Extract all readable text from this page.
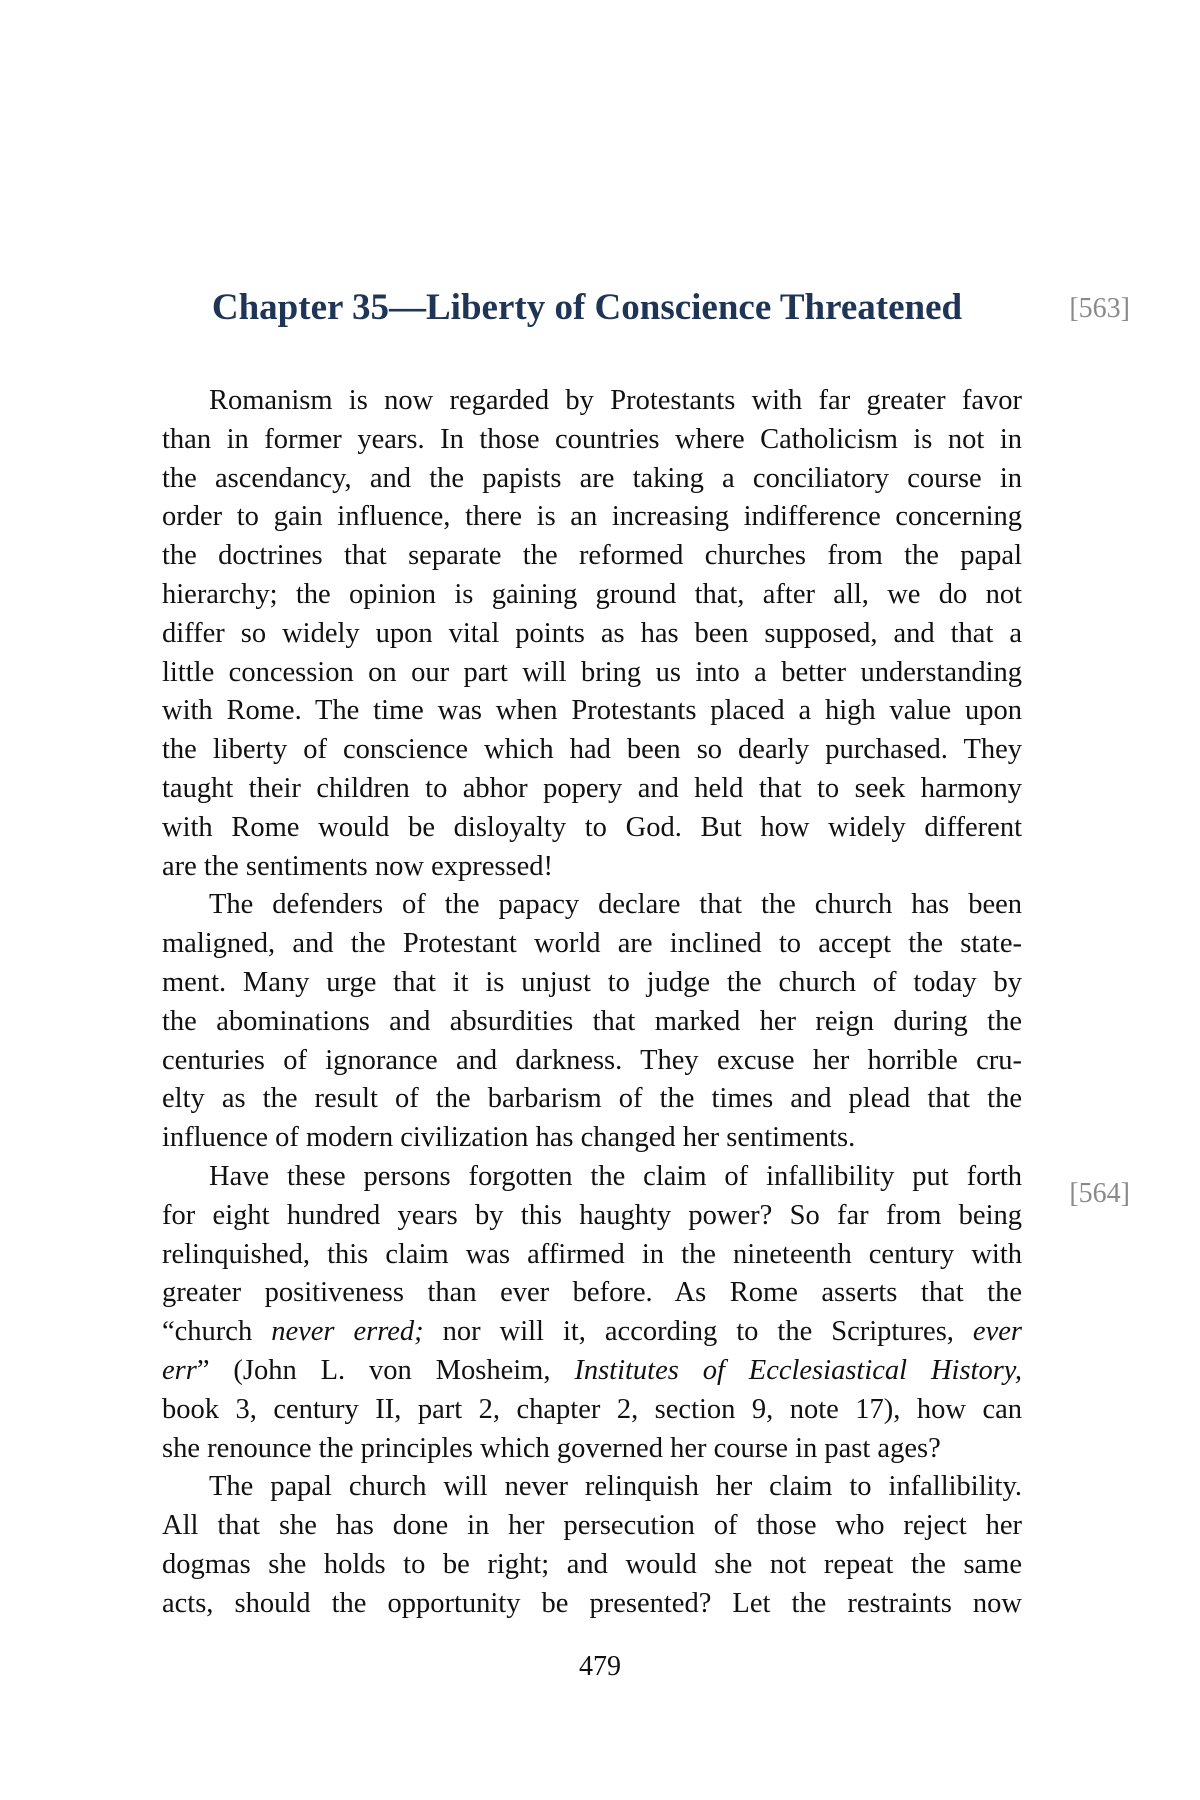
Chapter 35—Liberty of Conscience Threatened	[563]
[564]
Romanism is now regarded by Protestants with far greater favor
than in former years. In those countries where Catholicism is not in
the ascendancy, and the papists are taking a conciliatory course in
order to gain influence, there is an increasing indifference concerning
the doctrines that separate the reformed churches from the papal
hierarchy; the opinion is gaining ground that, after all, we do not
differ so widely upon vital points as has been supposed, and that a
little concession on our part will bring us into a better understanding
with Rome. The time was when Protestants placed a high value upon
the liberty of conscience which had been so dearly purchased. They
taught their children to abhor popery and held that to seek harmony
with Rome would be disloyalty to God. But how widely different
are the sentiments now expressed!
The defenders of the papacy declare that the church has been
maligned, and the Protestant world are inclined to accept the state-
ment. Many urge that it is unjust to judge the church of today by
the abominations and absurdities that marked her reign during the
centuries of ignorance and darkness. They excuse her horrible cru-
elty as the result of the barbarism of the times and plead that the
influence of modern civilization has changed her sentiments.
Have these persons forgotten the claim of infallibility put forth
for eight hundred years by this haughty power? So far from being
relinquished, this claim was affirmed in the nineteenth century with
greater positiveness than ever before. As Rome asserts that the
“church never erred; nor will it, according to the Scriptures, ever
err” (John L. von Mosheim, Institutes of Ecclesiastical History,
book 3, century II, part 2, chapter 2, section 9, note 17), how can
she renounce the principles which governed her course in past ages?
The papal church will never relinquish her claim to infallibility.
All that she has done in her persecution of those who reject her
dogmas she holds to be right; and would she not repeat the same
acts, should the opportunity be presented? Let the restraints now
479
